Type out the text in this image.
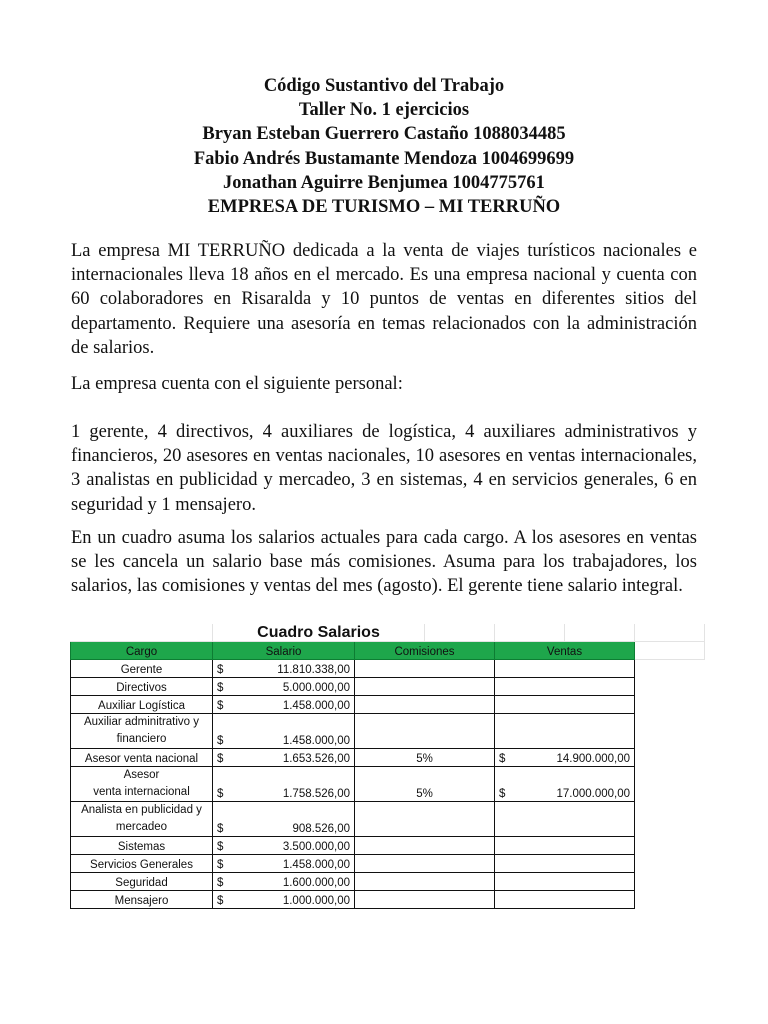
Código Sustantivo del Trabajo
Taller No. 1 ejercicios
Bryan Esteban Guerrero Castaño 1088034485
Fabio Andrés Bustamante Mendoza 1004699699
Jonathan Aguirre Benjumea 1004775761
EMPRESA DE TURISMO – MI TERRUÑO

La empresa MI TERRUÑO dedicada a la venta de viajes turísticos nacionales e internacionales lleva 18 años en el mercado. Es una empresa nacional y cuenta con 60 colaboradores en Risaralda y 10 puntos de ventas en diferentes sitios del departamento. Requiere una asesoría en temas relacionados con la administración de salarios.

La empresa cuenta con el siguiente personal:

1 gerente, 4 directivos, 4 auxiliares de logística, 4 auxiliares administrativos y financieros, 20 asesores en ventas nacionales, 10 asesores en ventas internacionales, 3 analistas en publicidad y mercadeo, 3 en sistemas, 4 en servicios generales, 6 en seguridad y 1 mensajero.

En un cuadro asuma los salarios actuales para cada cargo. A los asesores en ventas se les cancela un salario base más comisiones. Asuma para los trabajadores, los salarios, las comisiones y ventas del mes (agosto). El gerente tiene salario integral.

	Cuadro Salarios					
Cargo	Salario	Comisiones		Ventas		
Gerente	$ 11.810.338,00					

Directivos	$ 5.000.000,00					

Auxiliar Logística	$ 1.458.000,00					

Auxiliar adminitrativo y
financiero	$ 1.458.000,00					

Asesor venta nacional	$ 1.653.526,00	5%		$ 14.900.000,00		

Asesor
venta internacional	$ 1.758.526,00	5%		$ 17.000.000,00		

Analista en publicidad y
mercadeo	$ 908.526,00					

Sistemas	$ 3.500.000,00					

Servicios Generales	$ 1.458.000,00					

Seguridad	$ 1.600.000,00					

Mensajero	$ 1.000.000,00					
